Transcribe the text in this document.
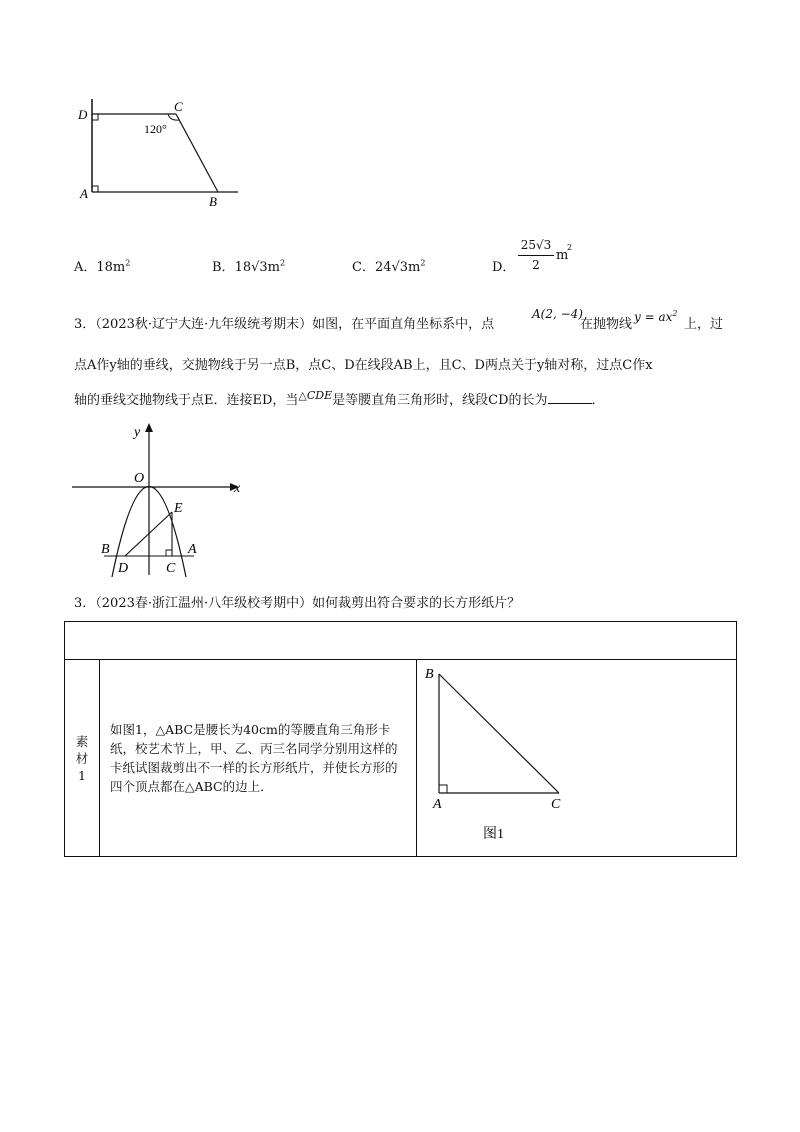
D
C
A
B
120°
A．$18m^2$	B．$18√3m^2$	C．$24√3m^2$	D．
25√3
2
m
2
3．（2023秋·辽宁大连·九年级统考期末）如图，在平面直角坐标系中，点
A(2, −4)
在抛物线 $y = ax^2$
上，过
点A作y轴的垂线，交抛物线于另一点B，点C、D在线段AB上，且C、D两点关于y轴对称，过点C作x
轴的垂线交抛物线于点E．连接ED，当$^{\triangle CDE}$是等腰直角三角形时，线段CD的长为	．
y
x
O
E
B
D	C
A
3．（2023春·浙江温州·八年级校考期中）如何裁剪出符合要求的长方形纸片？

素
材
1

如图1，△ABC是腰长为40cm的等腰直角三角形卡纸，校艺术节上，甲、乙、丙三名同学分别用这样的卡纸试图裁剪出不一样的长方形纸片，并使长方形的四个顶点都在△ABC的边上．

B
A	C
图1
